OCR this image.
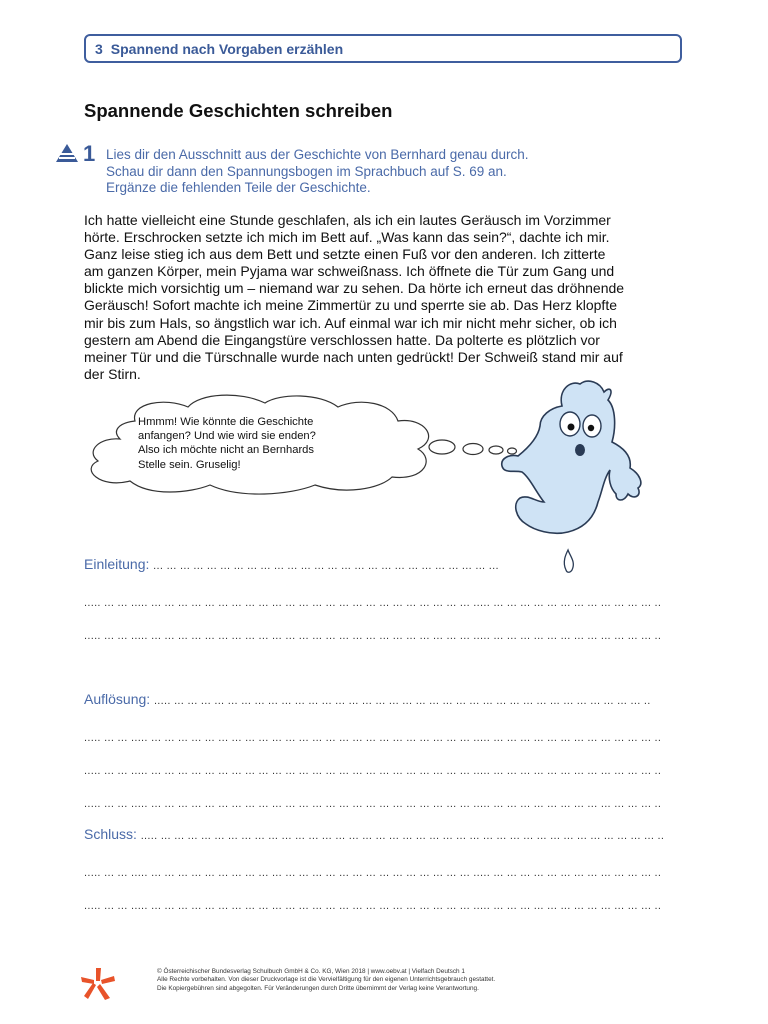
3 Spannend nach Vorgaben erzählen
Spannende Geschichten schreiben
1 Lies dir den Ausschnitt aus der Geschichte von Bernhard genau durch.
Schau dir dann den Spannungsbogen im Sprachbuch auf S. 69 an.
Ergänze die fehlenden Teile der Geschichte.
Ich hatte vielleicht eine Stunde geschlafen, als ich ein lautes Geräusch im Vorzimmer
hörte. Erschrocken setzte ich mich im Bett auf. „Was kann das sein?“, dachte ich mir.
Ganz leise stieg ich aus dem Bett und setzte einen Fuß vor den anderen. Ich zitterte
am ganzen Körper, mein Pyjama war schweißnass. Ich öffnete die Tür zum Gang und
blickte mich vorsichtig um – niemand war zu sehen. Da hörte ich erneut das dröhnende
Geräusch! Sofort machte ich meine Zimmertür zu und sperrte sie ab. Das Herz klopfte
mir bis zum Hals, so ängstlich war ich. Auf einmal war ich mir nicht mehr sicher, ob ich
gestern am Abend die Eingangstüre verschlossen hatte. Da polterte es plötzlich vor
meiner Tür und die Türschnalle wurde nach unten gedrückt! Der Schweiß stand mir auf
der Stirn.
Hmmm! Wie könnte die Geschichte
anfangen? Und wie wird sie enden?
Also ich möchte nicht an Bernhards
Stelle sein. Gruselig!
Einleitung: ... ... ... ... ... ... ... ... ... ... ... ... ... ... ... ... ... ... ... ... ... ... ... ... ... ...
..... ... ... ..... ... ... ... ... ... ... ... ... ... ... ... ... ... ... ... ... ... ... ... ... ... ... ... ... ..... ... ... ... ... ... ... ... ... ... ... ... ... ..
..... ... ... ..... ... ... ... ... ... ... ... ... ... ... ... ... ... ... ... ... ... ... ... ... ... ... ... ... ..... ... ... ... ... ... ... ... ... ... ... ... ... ..
Auflösung: ..... ... ... ... ... ... ... ... ... ... ... ... ... ... ... ... ... ... ... ... ... ... ... ... ... ... ... ... ... ... ... ... ... ... ... ... ..
..... ... ... ..... ... ... ... ... ... ... ... ... ... ... ... ... ... ... ... ... ... ... ... ... ... ... ... ... ..... ... ... ... ... ... ... ... ... ... ... ... ... ..
..... ... ... ..... ... ... ... ... ... ... ... ... ... ... ... ... ... ... ... ... ... ... ... ... ... ... ... ... ..... ... ... ... ... ... ... ... ... ... ... ... ... ..
..... ... ... ..... ... ... ... ... ... ... ... ... ... ... ... ... ... ... ... ... ... ... ... ... ... ... ... ... ..... ... ... ... ... ... ... ... ... ... ... ... ... ..
Schluss: ..... ... ... ... ... ... ... ... ... ... ... ... ... ... ... ... ... ... ... ... ... ... ... ... ... ... ... ... ... ... ... ... ... ... ... ... ... ... ..
..... ... ... ..... ... ... ... ... ... ... ... ... ... ... ... ... ... ... ... ... ... ... ... ... ... ... ... ... ..... ... ... ... ... ... ... ... ... ... ... ... ... ..
..... ... ... ..... ... ... ... ... ... ... ... ... ... ... ... ... ... ... ... ... ... ... ... ... ... ... ... ... ..... ... ... ... ... ... ... ... ... ... ... ... ... ..
© Österreichischer Bundesverlag Schulbuch GmbH & Co. KG, Wien 2018 | www.oebv.at | Vielfach Deutsch 1
Alle Rechte vorbehalten. Von dieser Druckvorlage ist die Vervielfältigung für den eigenen Unterrichtsgebrauch gestattet.
Die Kopiergebühren sind abgegolten. Für Veränderungen durch Dritte übernimmt der Verlag keine Verantwortung.
